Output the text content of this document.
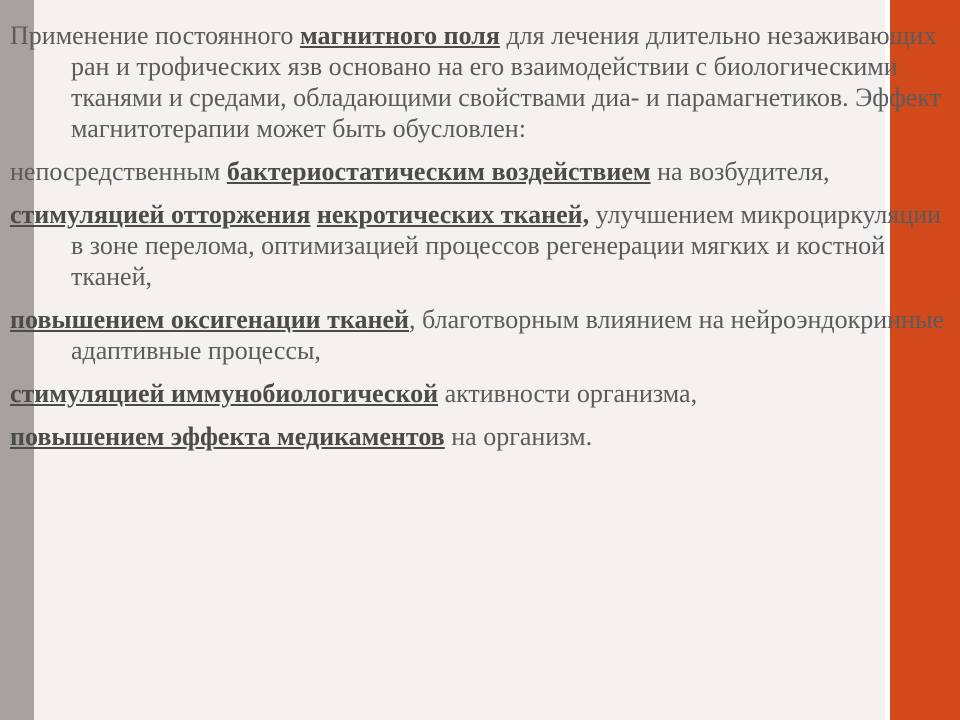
Применение постоянного магнитного поля для лечения длительно незаживающих ран и трофических язв основано на его взаимодействии с биологическими тканями и средами, обладающими свойствами диа- и парамагнетиков. Эффект магнитотерапии может быть обусловлен:

непосредственным бактериостатическим воздействием на возбудителя,

стимуляцией отторжения некротических тканей, улучшением микроциркуляции в зоне перелома, оптимизацией процессов регенерации мягких и костной тканей,

повышением оксигенации тканей, благотворным влиянием на нейроэндокринные адаптивные процессы,

стимуляцией иммунобиологической активности организма,

повышением эффекта медикаментов на организм.
